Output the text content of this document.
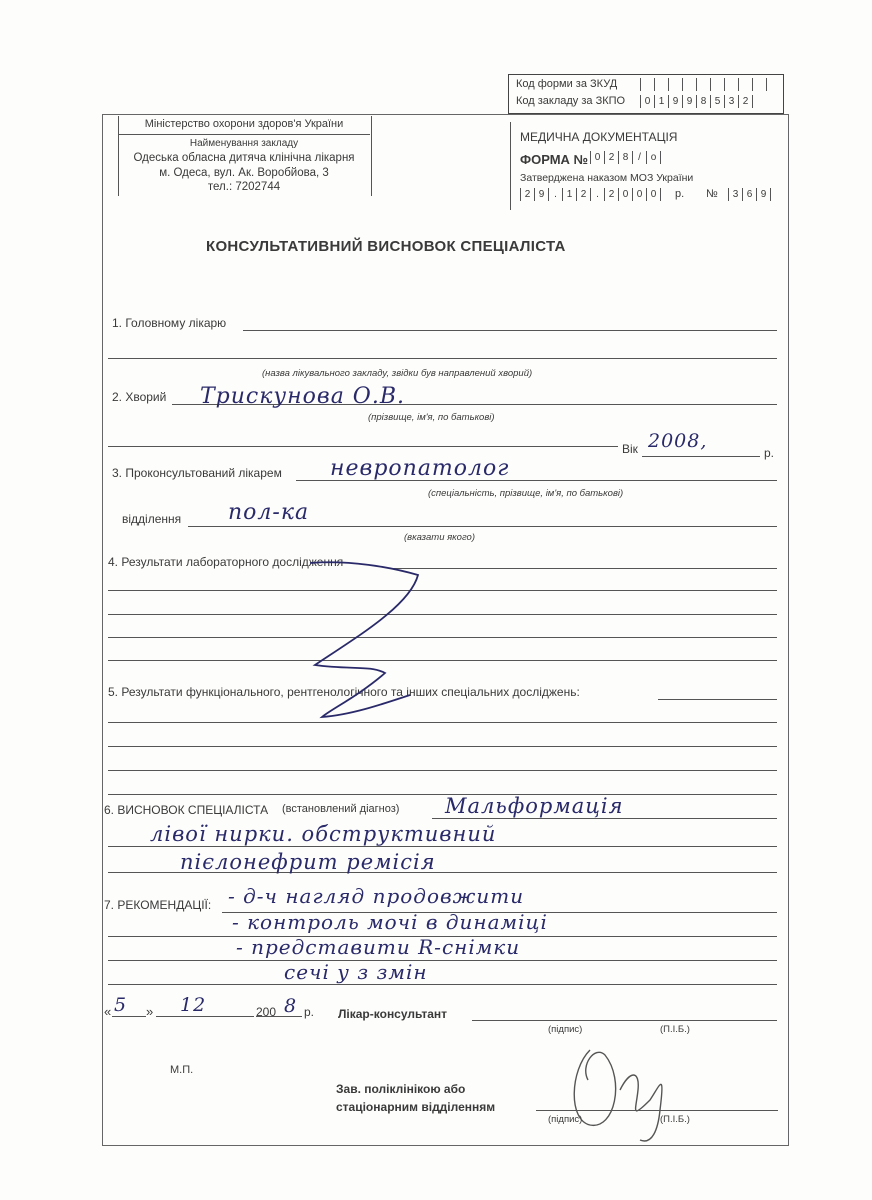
Код форми за ЗКУД
Код закладу за ЗКПО	0 1 9 9 8 5 3 2
Міністерство охорони здоров'я України
Найменування закладу
Одеська обласна дитяча клінічна лікарня
м. Одеса, вул. Ак. Воробйова, 3
тел.: 7202744
МЕДИЧНА ДОКУМЕНТАЦІЯ
ФОРМА № 0 2 8 / о
Затверджена наказом МОЗ України
2 9 . 1 2 . 2 0 0 0	р. №	3 6 9
КОНСУЛЬТАТИВНИЙ ВИСНОВОК СПЕЦІАЛІСТА
1. Головному лікарю
(назва лікувального закладу, звідки був направлений хворий)
2. Хворий Трискунова О.В.
(прізвище, ім'я, по батькові)
Вік 2008,
р.
3. Проконсультований лікарем невропатолог
(спеціальність, прізвище, ім'я, по батькові)
відділення пол-ка
(вказати якого)
4. Результати лабораторного дослідження
5. Результати функціонального, рентгенологічного та інших спеціальних досліджень:
6. ВИСНОВОК СПЕЦІАЛІСТА (встановлений діагноз) Мальформація
лівої нирки. обструктивний
пієлонефрит ремісія
7. РЕКОМЕНДАЦІЇ: - д-ч нагляд продовжити
- контроль мочі в динаміці
- представити R-снімки
сечі у з змін
« 5 » 12	200 8 р. Лікар-консультант
(підпис)	(П.І.Б.)
М.П.
Зав. поліклінікою або
стаціонарним відділенням
(підпис)	(П.І.Б.)
